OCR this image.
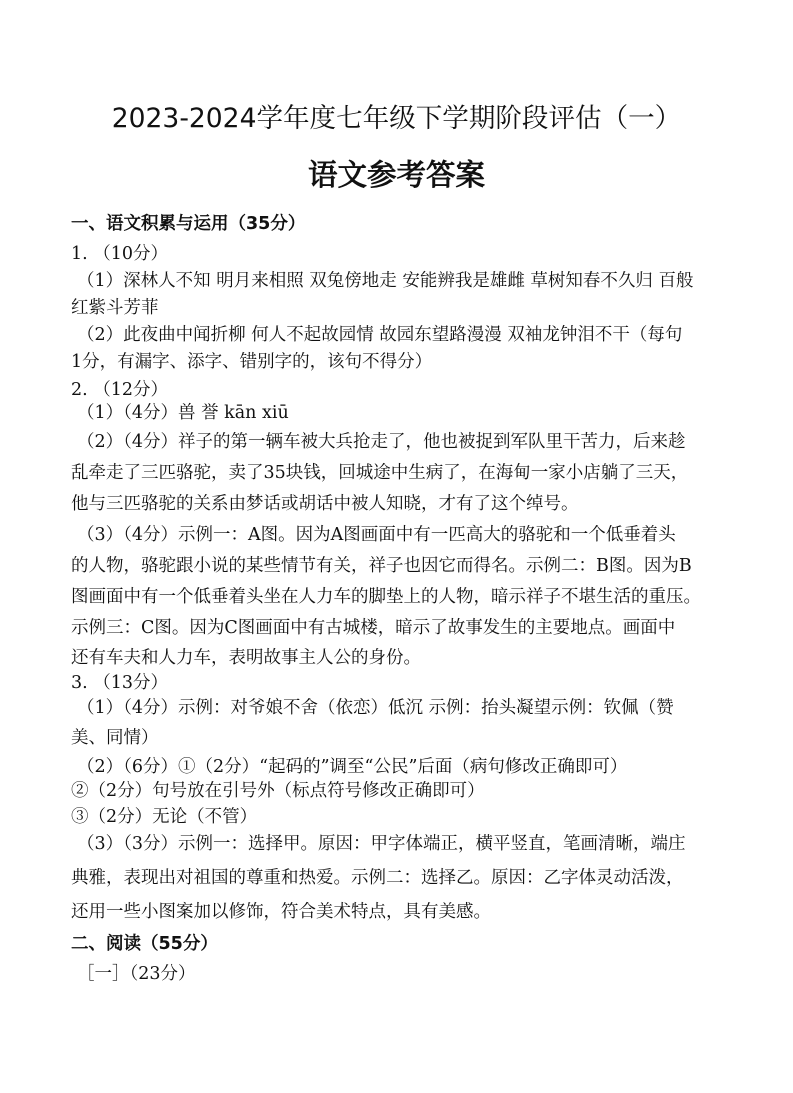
2023-2024学年度七年级下学期阶段评估（一）
语文参考答案
一、语文积累与运用（35分）
1. （10分）
（1）深林人不知 明月来相照 双兔傍地走 安能辨我是雄雌 草树知春不久归 百般
红紫斗芳菲
（2）此夜曲中闻折柳 何人不起故园情 故园东望路漫漫 双袖龙钟泪不干（每句
1分，有漏字、添字、错别字的，该句不得分）
2. （12分）
（1）（4分）兽 誉 kān xiū
（2）（4分）祥子的第一辆车被大兵抢走了，他也被捉到军队里干苦力，后来趁
乱牵走了三匹骆驼，卖了35块钱，回城途中生病了，在海甸一家小店躺了三天，
他与三匹骆驼的关系由梦话或胡话中被人知晓，才有了这个绰号。
（3）（4分）示例一：A图。因为A图画面中有一匹高大的骆驼和一个低垂着头
的人物，骆驼跟小说的某些情节有关，祥子也因它而得名。示例二：B图。因为B
图画面中有一个低垂着头坐在人力车的脚垫上的人物，暗示祥子不堪生活的重压。
示例三：C图。因为C图画面中有古城楼，暗示了故事发生的主要地点。画面中
还有车夫和人力车，表明故事主人公的身份。
3. （13分）
（1）（4分）示例：对爷娘不舍（依恋）低沉 示例：抬头凝望示例：钦佩（赞
美、同情）
（2）（6分）①（2分）“起码的”调至“公民”后面（病句修改正确即可）
②（2分）句号放在引号外（标点符号修改正确即可）
③（2分）无论（不管）
（3）（3分）示例一：选择甲。原因：甲字体端正，横平竖直，笔画清晰，端庄
典雅，表现出对祖国的尊重和热爱。示例二：选择乙。原因：乙字体灵动活泼，
还用一些小图案加以修饰，符合美术特点，具有美感。
二、阅读（55分）
［一］（23分）
